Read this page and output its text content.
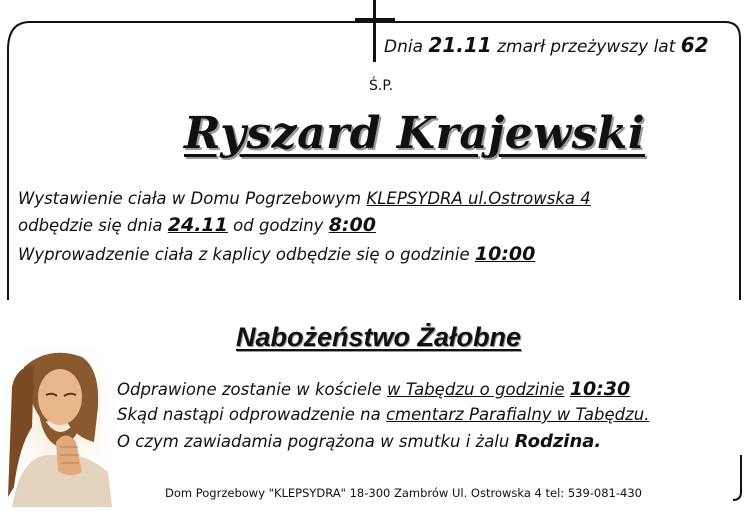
Dnia 21.11 zmarł przeżywszy lat 62
Ś.P.
Ryszard Krajewski
Wystawienie ciała w Domu Pogrzebowym KLEPSYDRA ul.Ostrowska 4
odbędzie się dnia 24.11 od godziny 8:00
Wyprowadzenie ciała z kaplicy odbędzie się o godzinie 10:00
Nabożeństwo Żałobne
Odprawione zostanie w kościele w Tabędzu o godzinie 10:30
Skąd nastąpi odprowadzenie na cmentarz Parafialny w Tabędzu.
O czym zawiadamia pogrążona w smutku i żalu Rodzina.
Dom Pogrzebowy "KLEPSYDRA" 18-300 Zambrów Ul. Ostrowska 4 tel: 539-081-430
